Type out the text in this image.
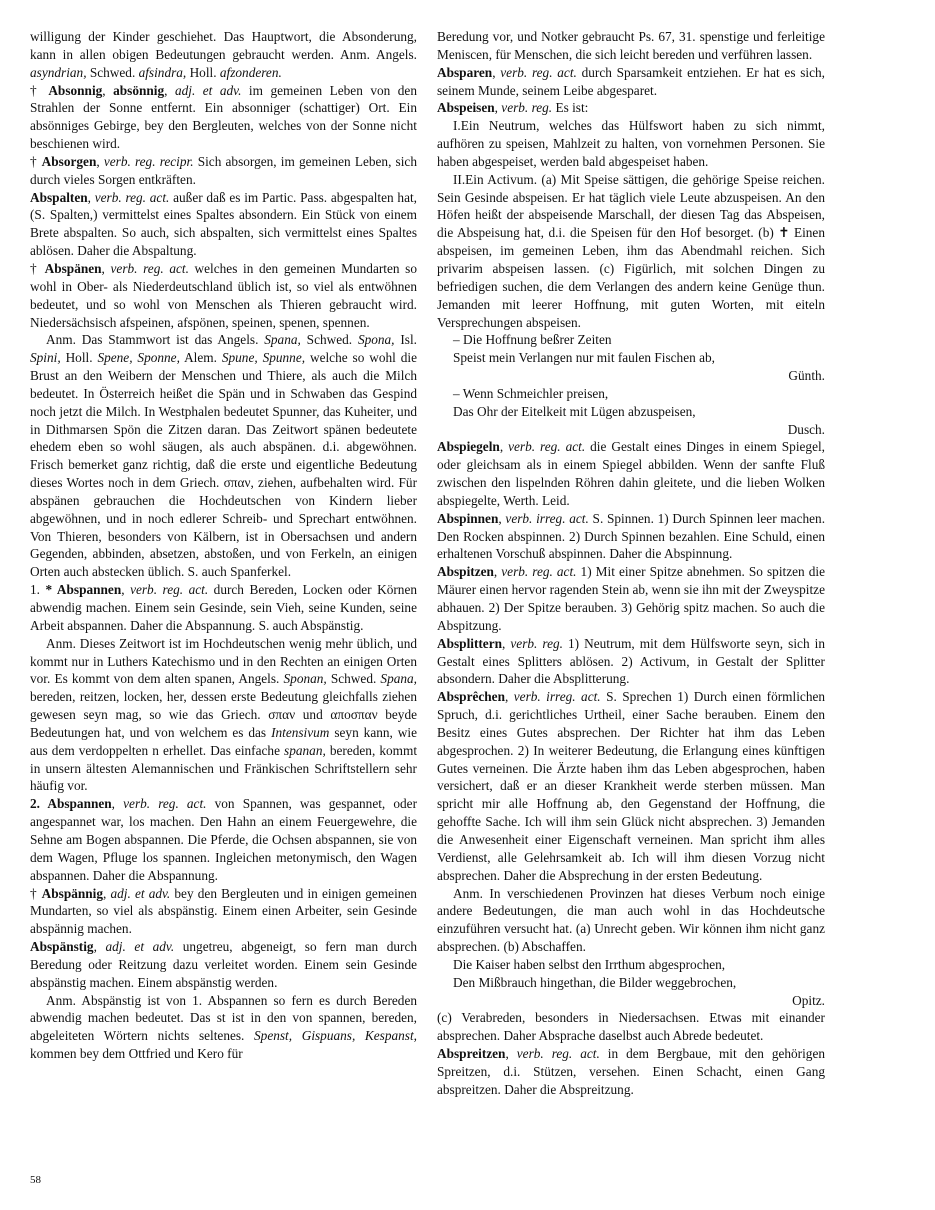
willigung der Kinder geschiehet. Das Hauptwort, die Absonderung, kann in allen obigen Bedeutungen gebraucht werden. Anm. Angels. asyndrian, Schwed. afsindra, Holl. afzonderen.

† Absonnig, absönnig, adj. et adv. im gemeinen Leben von den Strahlen der Sonne entfernt. Ein absonniger (schattiger) Ort. Ein absönniges Gebirge, bey den Bergleuten, welches von der Sonne nicht beschienen wird.

† Absorgen, verb. reg. recipr. Sich absorgen, im gemeinen Leben, sich durch vieles Sorgen entkräften.

Abspalten, verb. reg. act. außer daß es im Partic. Pass. abgespalten hat, (S. Spalten,) vermittelst eines Spaltes absondern. Ein Stück von einem Brete abspalten. So auch, sich abspalten, sich vermittelst eines Spaltes ablösen. Daher die Abspaltung.

† Abspänen, verb. reg. act. welches in den gemeinen Mundarten so wohl in Ober- als Niederdeutschland üblich ist, so viel als entwöhnen bedeutet, und so wohl von Menschen als Thieren gebraucht wird. Niedersächsisch afspeinen, afspönen, speinen, spenen, spennen.

Anm. Das Stammwort ist das Angels. Spana, Schwed. Spona, Isl. Spini, Holl. Spene, Sponne, Alem. Spune, Spunne, welche so wohl die Brust an den Weibern der Menschen und Thiere, als auch die Milch bedeutet. In Österreich heißet die Spän und in Schwaben das Gespind noch jetzt die Milch. In Westphalen bedeutet Spunner, das Kuheiter, und in Dithmarsen Spön die Zitzen daran. Das Zeitwort spänen bedeutete ehedem eben so wohl säugen, als auch abspänen. d.i. abgewöhnen. Frisch bemerket ganz richtig, daß die erste und eigentliche Bedeutung dieses Wortes noch in dem Griech. σπαν, ziehen, aufbehalten wird. Für abspänen gebrauchen die Hochdeutschen von Kindern lieber abgewöhnen, und in noch edlerer Schreib- und Sprechart entwöhnen. Von Thieren, besonders von Kälbern, ist in Obersachsen und andern Gegenden, abbinden, absetzen, abstoßen, und von Ferkeln, an einigen Orten auch abstecken üblich. S. auch Spanferkel.

1. * Abspannen, verb. reg. act. durch Bereden, Locken oder Körnen abwendig machen. Einem sein Gesinde, sein Vieh, seine Kunden, seine Arbeit abspannen. Daher die Abspannung. S. auch Abspänstig.

Anm. Dieses Zeitwort ist im Hochdeutschen wenig mehr üblich, und kommt nur in Luthers Katechismo und in den Rechten an einigen Orten vor. Es kommt von dem alten spanen, Angels. Sponan, Schwed. Spana, bereden, reitzen, locken, her, dessen erste Bedeutung gleichfalls ziehen gewesen seyn mag, so wie das Griech. σπαν und αποσπαν beyde Bedeutungen hat, und von welchem es das Intensivum seyn kann, wie aus dem verdoppelten n erhellet. Das einfache spanan, bereden, kommt in unsern ältesten Alemannischen und Fränkischen Schriftstellern sehr häufig vor.

2. Abspannen, verb. reg. act. von Spannen, was gespannet, oder angespannet war, los machen. Den Hahn an einem Feuergewehre, die Sehne am Bogen abspannen. Die Pferde, die Ochsen abspannen, sie von dem Wagen, Pfluge los spannen. Ingleichen metonymisch, den Wagen abspannen. Daher die Abspannung.

† Abspännig, adj. et adv. bey den Bergleuten und in einigen gemeinen Mundarten, so viel als abspänstig. Einem einen Arbeiter, sein Gesinde abspännig machen.

Abspänstig, adj. et adv. ungetreu, abgeneigt, so fern man durch Beredung oder Reitzung dazu verleitet worden. Einem sein Gesinde abspänstig machen. Einem abspänstig werden.

Anm. Abspänstig ist von 1. Abspannen so fern es durch Bereden abwendig machen bedeutet. Das st ist in den von spannen, bereden, abgeleiteten Wörtern nichts seltenes. Spenst, Gispuans, Kespanst, kommen bey dem Ottfried und Kero für

Beredung vor, und Notker gebraucht Ps. 67, 31. spenstige und ferleitige Meniscen, für Menschen, die sich leicht bereden und verführen lassen.

Absparen, verb. reg. act. durch Sparsamkeit entziehen. Er hat es sich, seinem Munde, seinem Leibe abgesparet.

Abspeisen, verb. reg. Es ist:

I.Ein Neutrum, welches das Hülfswort haben zu sich nimmt, aufhören zu speisen, Mahlzeit zu halten, von vornehmen Personen. Sie haben abgespeiset, werden bald abgespeiset haben.

II.Ein Activum. (a) Mit Speise sättigen, die gehörige Speise reichen. Sein Gesinde abspeisen. Er hat täglich viele Leute abzuspeisen. An den Höfen heißt der abspeisende Marschall, der diesen Tag das Abspeisen, die Abspeisung hat, d.i. die Speisen für den Hof besorget. (b) ✝ Einen abspeisen, im gemeinen Leben, ihm das Abendmahl reichen. Sich privarim abspeisen lassen. (c) Figürlich, mit solchen Dingen zu befriedigen suchen, die dem Verlangen des andern keine Genüge thun. Jemanden mit leerer Hoffnung, mit guten Worten, mit eiteln Versprechungen abspeisen.

– Die Hoffnung beßrer Zeiten

Speist mein Verlangen nur mit faulen Fischen ab,

Günth.

– Wenn Schmeichler preisen,

Das Ohr der Eitelkeit mit Lügen abzuspeisen,

Dusch.

Abspiegeln, verb. reg. act. die Gestalt eines Dinges in einem Spiegel, oder gleichsam als in einem Spiegel abbilden. Wenn der sanfte Fluß zwischen den lispelnden Röhren dahin gleitete, und die lieben Wolken abspiegelte, Werth. Leid.

Abspinnen, verb. irreg. act. S. Spinnen. 1) Durch Spinnen leer machen. Den Rocken abspinnen. 2) Durch Spinnen bezahlen. Eine Schuld, einen erhaltenen Vorschuß abspinnen. Daher die Abspinnung.

Abspitzen, verb. reg. act. 1) Mit einer Spitze abnehmen. So spitzen die Mäurer einen hervor ragenden Stein ab, wenn sie ihn mit der Zweyspitze abhauen. 2) Der Spitze berauben. 3) Gehörig spitz machen. So auch die Abspitzung.

Absplittern, verb. reg. 1) Neutrum, mit dem Hülfsworte seyn, sich in Gestalt eines Splitters ablösen. 2) Activum, in Gestalt der Splitter absondern. Daher die Absplitterung.

Absprêchen, verb. irreg. act. S. Sprechen 1) Durch einen förmlichen Spruch, d.i. gerichtliches Urtheil, einer Sache berauben. Einem den Besitz eines Gutes absprechen. Der Richter hat ihm das Leben abgesprochen. 2) In weiterer Bedeutung, die Erlangung eines künftigen Gutes verneinen. Die Ärzte haben ihm das Leben abgesprochen, haben versichert, daß er an dieser Krankheit werde sterben müssen. Man spricht mir alle Hoffnung ab, den Gegenstand der Hoffnung, die gehoffte Sache. Ich will ihm sein Glück nicht absprechen. 3) Jemanden die Anwesenheit einer Eigenschaft verneinen. Man spricht ihm alles Verdienst, alle Gelehrsamkeit ab. Ich will ihm diesen Vorzug nicht absprechen. Daher die Absprechung in der ersten Bedeutung.

Anm. In verschiedenen Provinzen hat dieses Verbum noch einige andere Bedeutungen, die man auch wohl in das Hochdeutsche einzuführen versucht hat. (a) Unrecht geben. Wir können ihm nicht ganz absprechen. (b) Abschaffen.

Die Kaiser haben selbst den Irrthum abgesprochen,

Den Mißbrauch hingethan, die Bilder weggebrochen,

Opitz.

(c) Verabreden, besonders in Niedersachsen. Etwas mit einander absprechen. Daher Absprache daselbst auch Abrede bedeutet.

Abspreitzen, verb. reg. act. in dem Bergbaue, mit den gehörigen Spreitzen, d.i. Stützen, versehen. Einen Schacht, einen Gang abspreitzen. Daher die Abspreitzung.

58
